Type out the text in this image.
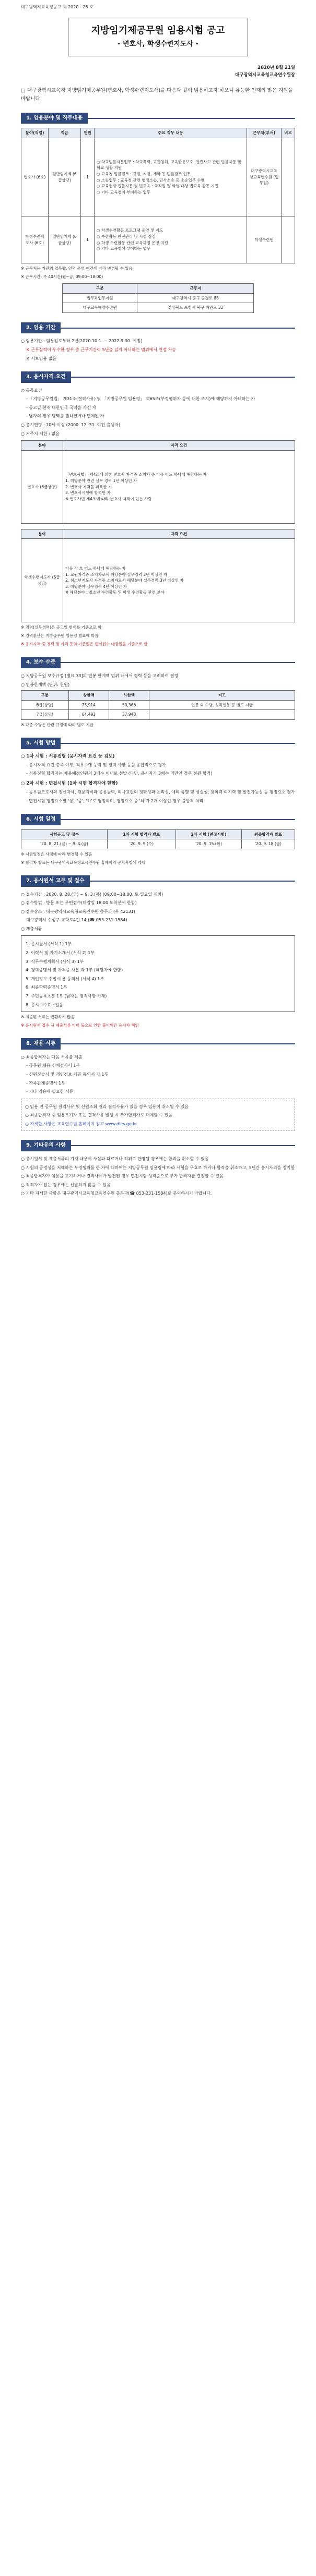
대구광역시교육청공고 제 2020 - 28 호
지방임기제공무원 임용시험 공고
- 변호사, 학생수련지도사 -
2020년 8월 21일
대구광역시교육청교육연수원장
□ 대구광역시교육청 지방임기제공무원(변호사, 학생수련지도사)을 다음과 같이 임용하고자 하오니 유능한 인재의 많은 지원을 바랍니다.
1. 임용분야 및 직무내용
분야(직렬)	직급	인원	주요 직무 내용	근무처(부서)	비고
변호사 (6호)	일반임기제 (6급상당)	1	○ 학교법률자문업무 : 학교폭력, 교권침해, 교육활동보호, 안전사고 관련 법률자문 및 학교 생활 지원
○ 교육청 법률검토 : 규정, 지침, 계약 등 법률검토 업무
○ 소송업무 : 교육청 관련 행정소송, 민사소송 등 소송업무 수행
○ 교육현장 법률자문 및 법교육 : 교직원 및 학생 대상 법교육 활동 지원
○ 기타 교육청이 부여하는 업무	대구광역시교육청교육연수원 (법무팀)	
학생수련지도사 (6호)	일반임기제 (6급상당)	1	○ 학생수련활동 프로그램 운영 및 지도
○ 수련활동 안전관리 및 시설 점검
○ 학생 수련활동 관련 교육과정 운영 지원
○ 기타 교육청이 부여하는 업무	학생수련원	
※ 근무처는 기관의 업무량, 인력 운영 여건에 따라 변경될 수 있음
※ 근무시간: 주 40시간(월~금, 09:00~18:00)
구분	근무지
법무과업무지원	대구광역시 중구 공평로 88
대구교육해양수련원	경상북도 포항시 북구 해안로 32
2. 임용 기간
○ 임용기간 : 임용일로부터 2년(2020.10.1. ~ 2022.9.30. 예정)
※ 근무실적이 우수한 경우 총 근무기간이 5년을 넘지 아니하는 범위에서 연장 가능
※ 시보임용 없음
3. 응시자격 요건
○ 공통요건
- 「지방공무원법」 제31조(결격사유) 및 「지방공무원 임용령」 제65조(부정행위자 등에 대한 조치)에 해당하지 아니하는 자
- 공고일 현재 대한민국 국적을 가진 자
- 남자의 경우 병역을 필하였거나 면제된 자
○ 응시연령 : 20세 이상 (2000. 12. 31. 이전 출생자)
○ 거주지 제한 : 없음
분야	자격 요건
변호사 (6급상당)	「변호사법」 제4조에 의한 변호사 자격증 소지자 중 다음 어느 하나에 해당하는 자
1. 해당분야 관련 실무 경력 1년 이상인 자
2. 변호사 자격을 취득한 자
3. 변호사시험에 합격한 자
※ 변호사법 제4조에 따라 변호사 자격이 있는 사람
분야	자격 요건
학생수련지도사 (6급상당)	다음 각 호 어느 하나에 해당하는 자
1. 교원자격증 소지자로서 해당분야 실무경력 2년 이상인 자
2. 청소년지도사 자격증 소지자로서 해당분야 실무경력 3년 이상인 자
3. 해당분야 실무경력 4년 이상인 자
※ 해당분야 : 청소년 수련활동 및 학생 수련활동 관련 분야
※ 경력(실무경력)은 공고일 현재를 기준으로 함
※ 경력환산은 지방공무원 임용령 별표에 따름
※ 응시자격 중 경력 및 자격 등의 기준일은 원서접수 마감일을 기준으로 함
4. 보수 수준
○ 지방공무원 보수규정 [별표 33]의 연봉 한계액 범위 내에서 경력 등을 고려하여 결정
○ 연봉한계액 (단위: 천원)
구분	상한액	하한액	비고
6급(상당)	75,914	50,366	연봉 외 수당, 성과연봉 등 별도 지급
7급(상당)	64,493	37,948	
※ 각종 수당은 관련 규정에 따라 별도 지급
5. 시험 방법
○ 1차 시험 : 서류전형 (응시자격 요건 등 검토)
- 응시자격 요건 충족 여부, 직무수행 능력 및 경력 사항 등을 종합적으로 평가
- 서류전형 합격자는 채용예정인원의 3배수 이내로 선발 (다만, 응시자가 3배수 미만인 경우 전원 합격)
○ 2차 시험 : 면접시험 (1차 시험 합격자에 한함)
- 공무원으로서의 정신자세, 전문지식과 응용능력, 의사표현의 정확성과 논리성, 예의·품행 및 성실성, 창의력·의지력 및 발전가능성 등 평정요소 평가
- 면접시험 평정요소별 '상', '중', '하'로 평정하며, 평정요소 중 '하'가 2개 이상인 경우 불합격 처리
6. 시험 일정
시험공고 및 접수	1차 시험 합격자 발표	2차 시험 (면접시험)	최종합격자 발표
'20. 8. 21.(금) ~ 9. 4.(금)	'20. 9. 9.(수)	'20. 9. 15.(화)	'20. 9. 18.(금)
※ 시험일정은 사정에 따라 변경될 수 있음
※ 합격자 발표는 대구광역시교육청교육연수원 홈페이지 공지사항에 게재
7. 응시원서 교부 및 접수
○ 접수기간 : 2020. 8. 28.(금) ~ 9. 3.(목) (09:00~18:00, 토·일요일 제외)
○ 접수방법 : 방문 또는 우편접수(마감일 18:00 도착분에 한함)
○ 접수장소 : 대구광역시교육청교육연수원 총무과 (우 42131)
대구광역시 수성구 교학로4길 14 (☎ 053-231-1584)
○ 제출서류
1. 응시원서 (서식 1) 1부
2. 이력서 및 자기소개서 (서식 2) 1부
3. 직무수행계획서 (서식 3) 1부
4. 경력증명서 및 자격증 사본 각 1부 (해당자에 한함)
5. 개인정보 수집·이용 동의서 (서식 4) 1부
6. 최종학력증명서 1부
7. 주민등록초본 1부 (남자는 병적사항 기재)
8. 응시수수료 : 없음
※ 제출된 서류는 반환하지 않음
※ 응시원서 접수 시 제출서류 미비 등으로 인한 불이익은 응시자 책임
8. 채용 서류
○ 최종합격자는 다음 서류를 제출
- 공무원 채용 신체검사서 1부
- 신원진술서 및 개인정보 제공 동의서 각 1부
- 가족관계증명서 1부
- 기타 임용에 필요한 서류
○ 임용 전 공무원 결격사유 및 신원조회 결과 결격사유가 있을 경우 임용이 취소될 수 있음
○ 최종합격자 중 임용포기자 또는 결격사유 발생 시 추가합격자로 대체할 수 있음
○ 자세한 사항은 교육연수원 홈페이지 참고 www.dies.go.kr
9. 기타유의 사항
○ 응시원서 및 제출서류의 기재 내용이 사실과 다르거나 허위로 판명될 경우에는 합격을 취소할 수 있음
○ 시험의 공정성을 저해하는 부정행위를 한 자에 대하여는 지방공무원 임용령에 따라 시험을 무효로 하거나 합격을 취소하고, 5년간 응시자격을 정지함
○ 최종합격자가 임용을 포기하거나 결격사유가 발견된 경우 면접시험 성적순으로 추가 합격자를 결정할 수 있음
○ 적격자가 없는 경우에는 선발하지 않을 수 있음
○ 기타 자세한 사항은 대구광역시교육청교육연수원 총무과(☎ 053-231-1584)로 문의하시기 바랍니다.
